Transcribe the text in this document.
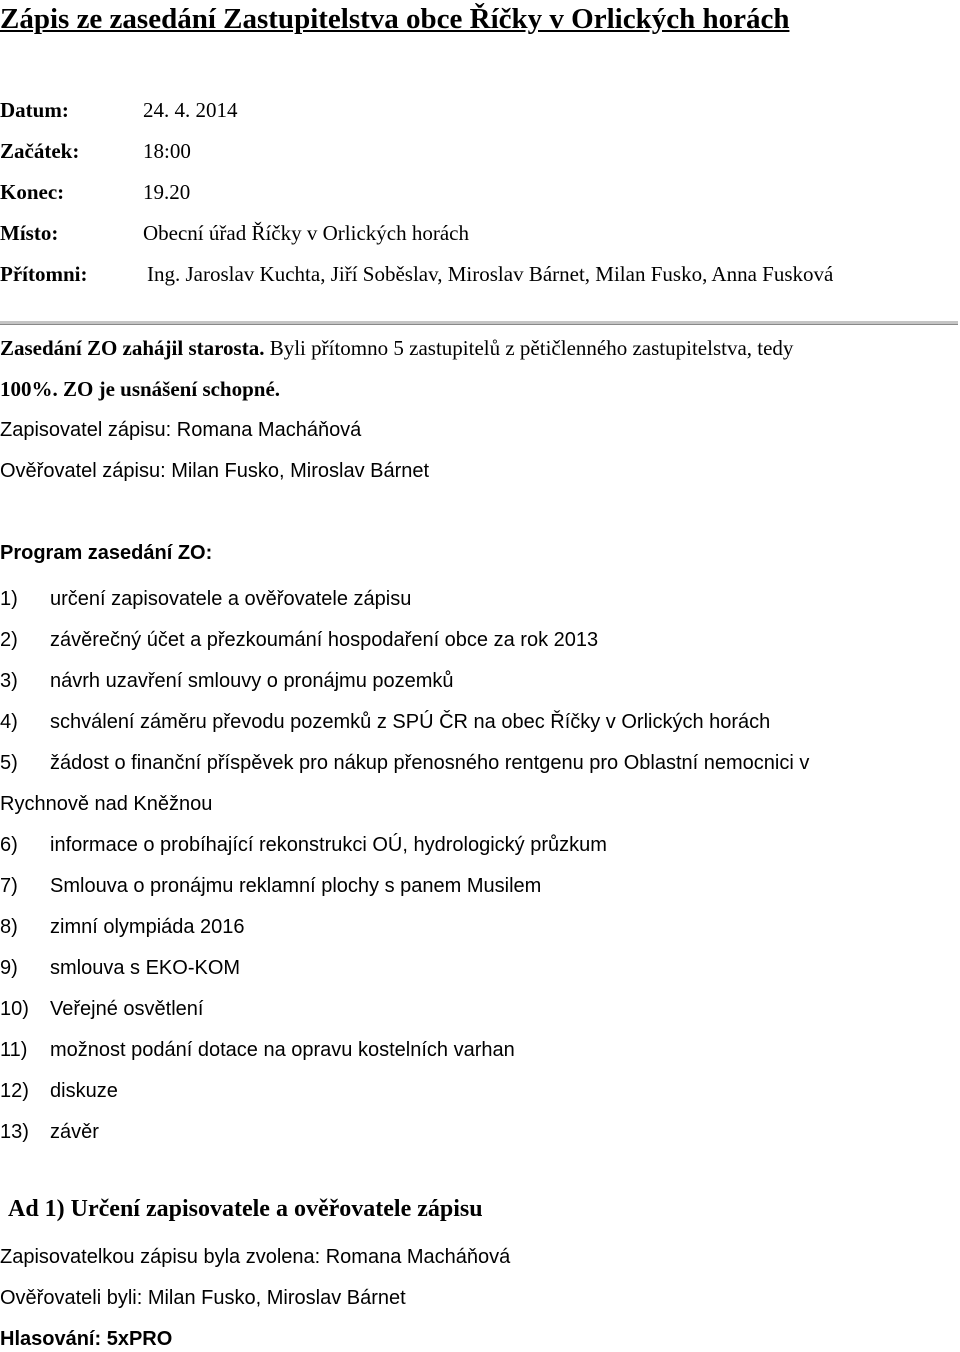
Zápis ze zasedání Zastupitelstva obce Říčky v Orlických horách
Datum:	24. 4. 2014
Začátek:	18:00
Konec:	19.20
Místo:	Obecní úřad Říčky v Orlických horách
Přítomni:	Ing. Jaroslav Kuchta, Jiří Soběslav, Miroslav Bárnet, Milan Fusko, Anna Fusková
Zasedání ZO zahájil starosta. Byli přítomno 5 zastupitelů z pětičlenného zastupitelstva, tedy
100%. ZO je usnášení schopné.
Zapisovatel zápisu: Romana Macháňová
Ověřovatel zápisu: Milan Fusko, Miroslav Bárnet
Program zasedání ZO:
1) určení zapisovatele a ověřovatele zápisu
2) závěrečný účet a přezkoumání hospodaření obce za rok 2013
3) návrh uzavření smlouvy o pronájmu pozemků
4) schválení záměru převodu pozemků z SPÚ ČR na obec Říčky v Orlických horách
5) žádost o finanční příspěvek pro nákup přenosného rentgenu pro Oblastní nemocnici v Rychnově nad Kněžnou
6) informace o probíhající rekonstrukci OÚ, hydrologický průzkum
7) Smlouva o pronájmu reklamní plochy s panem Musilem
8) zimní olympiáda 2016
9) smlouva s EKO-KOM
10) Veřejné osvětlení
11) možnost podání dotace na opravu kostelních varhan
12) diskuze
13) závěr
Ad 1) Určení zapisovatele a ověřovatele zápisu
Zapisovatelkou zápisu byla zvolena: Romana Macháňová
Ověřovateli byli: Milan Fusko, Miroslav Bárnet
Hlasování: 5xPRO
